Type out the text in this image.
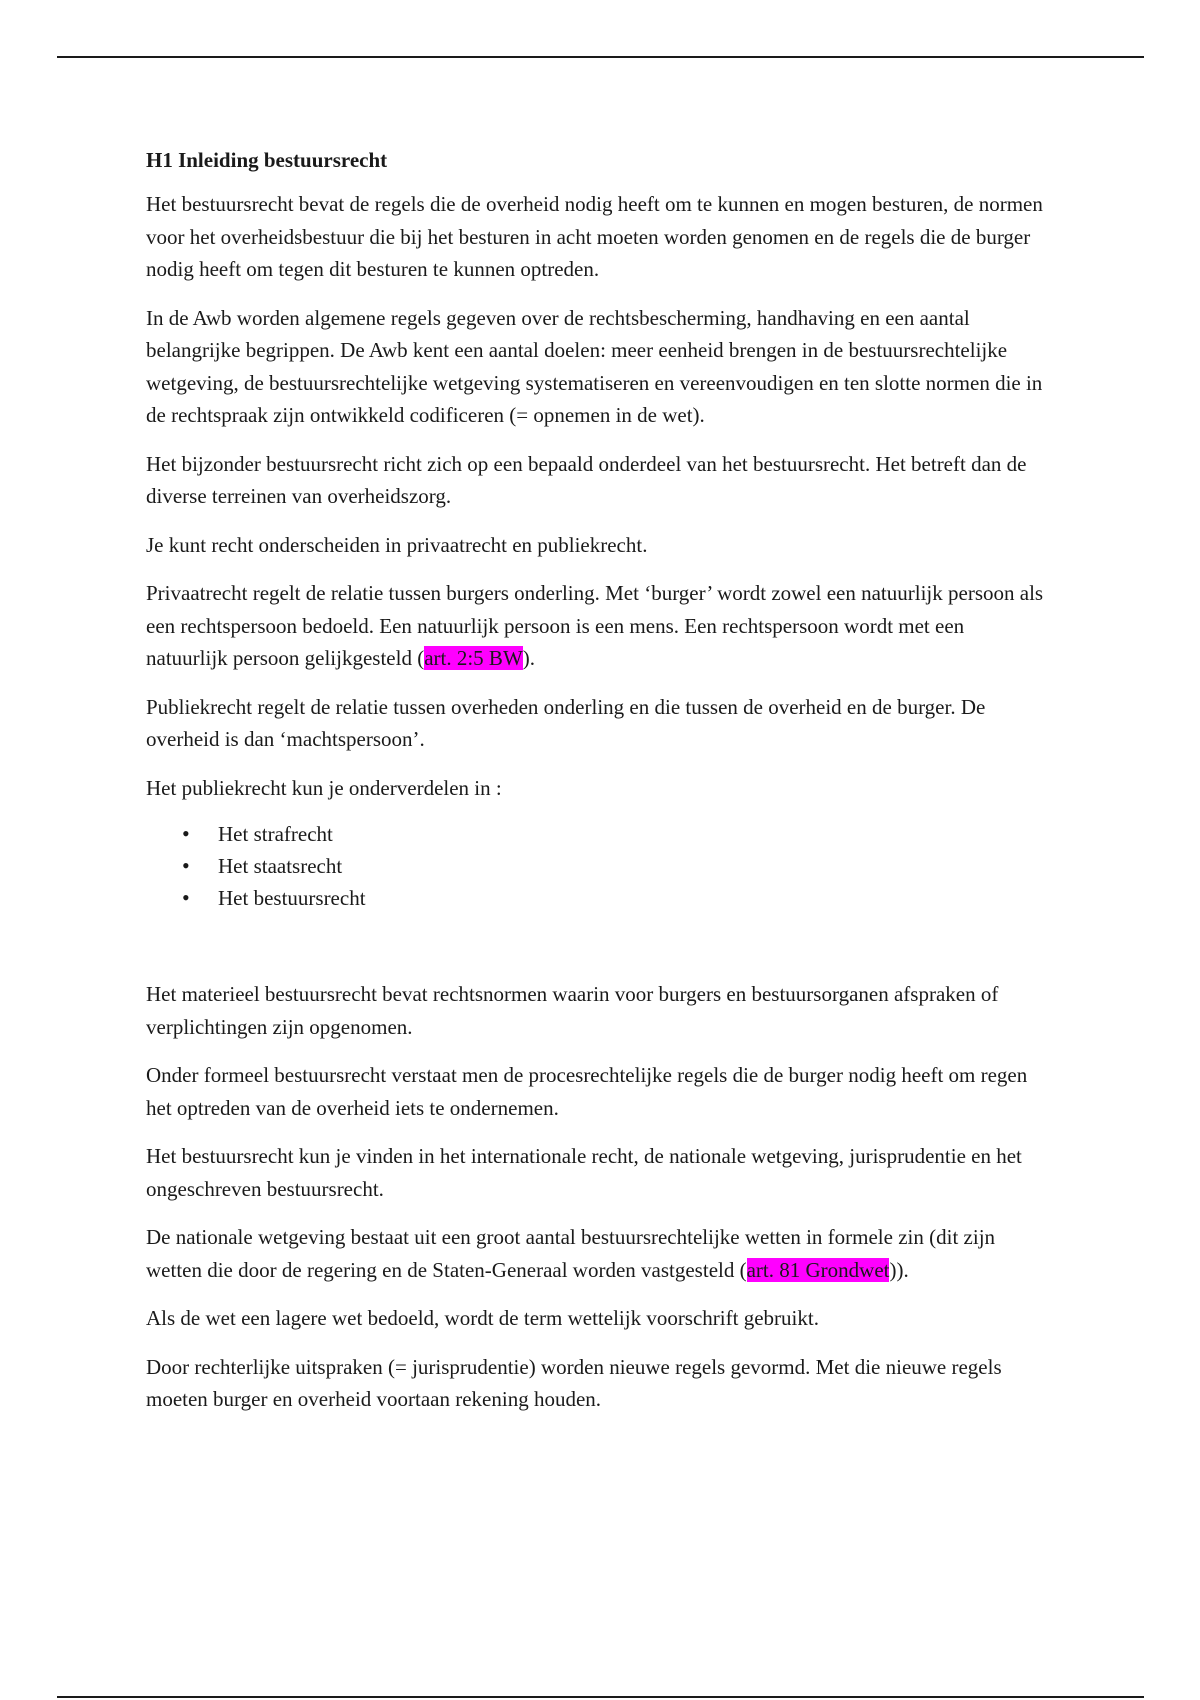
H1 Inleiding bestuursrecht

Het bestuursrecht bevat de regels die de overheid nodig heeft om te kunnen en mogen besturen, de normen voor het overheidsbestuur die bij het besturen in acht moeten worden genomen en de regels die de burger nodig heeft om tegen dit besturen te kunnen optreden.

In de Awb worden algemene regels gegeven over de rechtsbescherming, handhaving en een aantal belangrijke begrippen. De Awb kent een aantal doelen: meer eenheid brengen in de bestuursrechtelijke wetgeving, de bestuursrechtelijke wetgeving systematiseren en vereenvoudigen en ten slotte normen die in de rechtspraak zijn ontwikkeld codificeren (= opnemen in de wet).

Het bijzonder bestuursrecht richt zich op een bepaald onderdeel van het bestuursrecht. Het betreft dan de diverse terreinen van overheidszorg.

Je kunt recht onderscheiden in privaatrecht en publiekrecht.

Privaatrecht regelt de relatie tussen burgers onderling. Met ‘burger’ wordt zowel een natuurlijk persoon als een rechtspersoon bedoeld. Een natuurlijk persoon is een mens. Een rechtspersoon wordt met een natuurlijk persoon gelijkgesteld (art. 2:5 BW).

Publiekrecht regelt de relatie tussen overheden onderling en die tussen de overheid en de burger. De overheid is dan ‘machtspersoon’.

Het publiekrecht kun je onderverdelen in :

• Het strafrecht
• Het staatsrecht
• Het bestuursrecht

Het materieel bestuursrecht bevat rechtsnormen waarin voor burgers en bestuursorganen afspraken of verplichtingen zijn opgenomen.

Onder formeel bestuursrecht verstaat men de procesrechtelijke regels die de burger nodig heeft om regen het optreden van de overheid iets te ondernemen.

Het bestuursrecht kun je vinden in het internationale recht, de nationale wetgeving, jurisprudentie en het ongeschreven bestuursrecht.

De nationale wetgeving bestaat uit een groot aantal bestuursrechtelijke wetten in formele zin (dit zijn wetten die door de regering en de Staten-Generaal worden vastgesteld (art. 81 Grondwet)).

Als de wet een lagere wet bedoeld, wordt de term wettelijk voorschrift gebruikt.

Door rechterlijke uitspraken (= jurisprudentie) worden nieuwe regels gevormd. Met die nieuwe regels moeten burger en overheid voortaan rekening houden.
